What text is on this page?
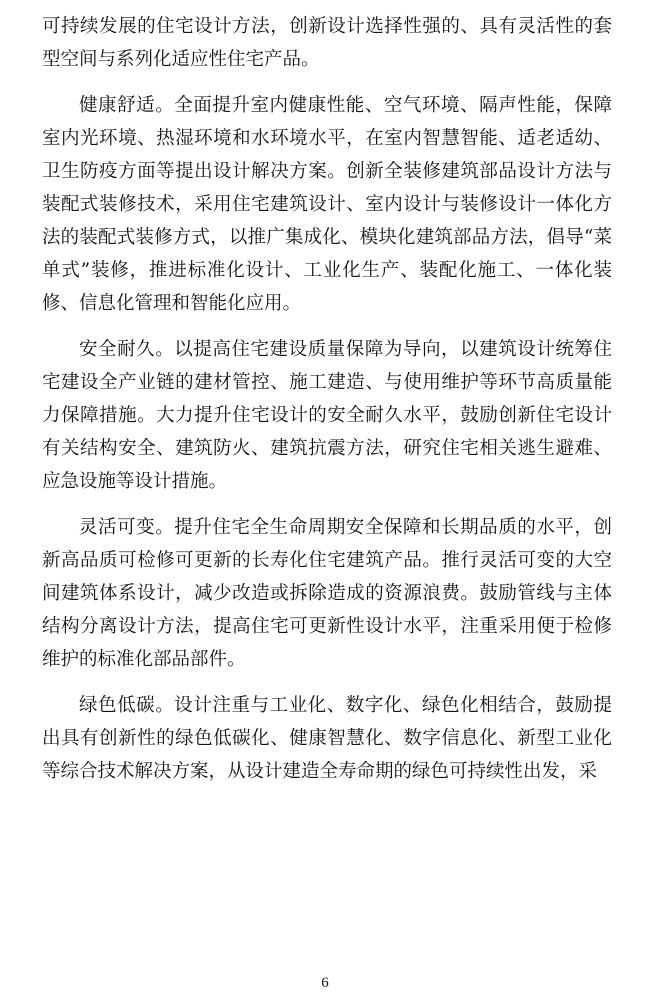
可持续发展的住宅设计方法，创新设计选择性强的、具有灵活性的套型空间与系列化适应性住宅产品。

健康舒适。全面提升室内健康性能、空气环境、隔声性能，保障室内光环境、热湿环境和水环境水平，在室内智慧智能、适老适幼、卫生防疫方面等提出设计解决方案。创新全装修建筑部品设计方法与装配式装修技术，采用住宅建筑设计、室内设计与装修设计一体化方法的装配式装修方式，以推广集成化、模块化建筑部品方法，倡导“菜单式”装修，推进标准化设计、工业化生产、装配化施工、一体化装修、信息化管理和智能化应用。

安全耐久。以提高住宅建设质量保障为导向，以建筑设计统筹住宅建设全产业链的建材管控、施工建造、与使用维护等环节高质量能力保障措施。大力提升住宅设计的安全耐久水平，鼓励创新住宅设计有关结构安全、建筑防火、建筑抗震方法，研究住宅相关逃生避难、应急设施等设计措施。

灵活可变。提升住宅全生命周期安全保障和长期品质的水平，创新高品质可检修可更新的长寿化住宅建筑产品。推行灵活可变的大空间建筑体系设计，减少改造或拆除造成的资源浪费。鼓励管线与主体结构分离设计方法，提高住宅可更新性设计水平，注重采用便于检修维护的标准化部品部件。

绿色低碳。设计注重与工业化、数字化、绿色化相结合，鼓励提出具有创新性的绿色低碳化、健康智慧化、数字信息化、新型工业化等综合技术解决方案，从设计建造全寿命期的绿色可持续性出发，采

6
